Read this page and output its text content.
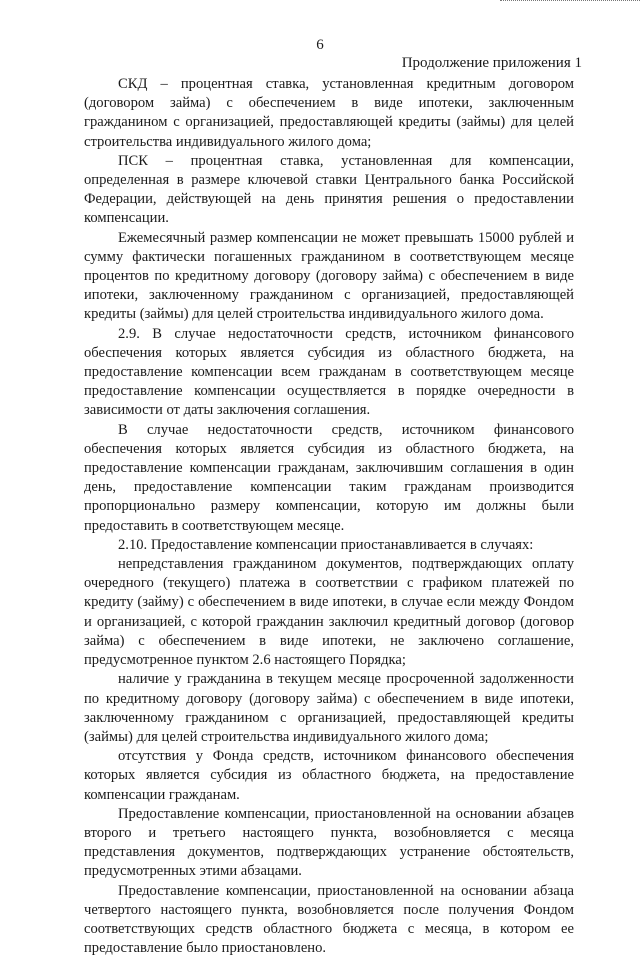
6
Продолжение приложения 1

СКД – процентная ставка, установленная кредитным договором (договором займа) с обеспечением в виде ипотеки, заключенным гражданином с организацией, предоставляющей кредиты (займы) для целей строительства индивидуального жилого дома;

ПСК – процентная ставка, установленная для компенсации, определенная в размере ключевой ставки Центрального банка Российской Федерации, действующей на день принятия решения о предоставлении компенсации.

Ежемесячный размер компенсации не может превышать 15000 рублей и сумму фактически погашенных гражданином в соответствующем месяце процентов по кредитному договору (договору займа) с обеспечением в виде ипотеки, заключенному гражданином с организацией, предоставляющей кредиты (займы) для целей строительства индивидуального жилого дома.

2.9. В случае недостаточности средств, источником финансового обеспечения которых является субсидия из областного бюджета, на предоставление компенсации всем гражданам в соответствующем месяце предоставление компенсации осуществляется в порядке очередности в зависимости от даты заключения соглашения.

В случае недостаточности средств, источником финансового обеспечения которых является субсидия из областного бюджета, на предоставление компенсации гражданам, заключившим соглашения в один день, предоставление компенсации таким гражданам производится пропорционально размеру компенсации, которую им должны были предоставить в соответствующем месяце.

2.10. Предоставление компенсации приостанавливается в случаях:

непредставления гражданином документов, подтверждающих оплату очередного (текущего) платежа в соответствии с графиком платежей по кредиту (займу) с обеспечением в виде ипотеки, в случае если между Фондом и организацией, с которой гражданин заключил кредитный договор (договор займа) с обеспечением в виде ипотеки, не заключено соглашение, предусмотренное пунктом 2.6 настоящего Порядка;

наличие у гражданина в текущем месяце просроченной задолженности по кредитному договору (договору займа) с обеспечением в виде ипотеки, заключенному гражданином с организацией, предоставляющей кредиты (займы) для целей строительства индивидуального жилого дома;

отсутствия у Фонда средств, источником финансового обеспечения которых является субсидия из областного бюджета, на предоставление компенсации гражданам.

Предоставление компенсации, приостановленной на основании абзацев второго и третьего настоящего пункта, возобновляется с месяца представления документов, подтверждающих устранение обстоятельств, предусмотренных этими абзацами.

Предоставление компенсации, приостановленной на основании абзаца четвертого настоящего пункта, возобновляется после получения Фондом соответствующих средств областного бюджета с месяца, в котором ее предоставление было приостановлено.
